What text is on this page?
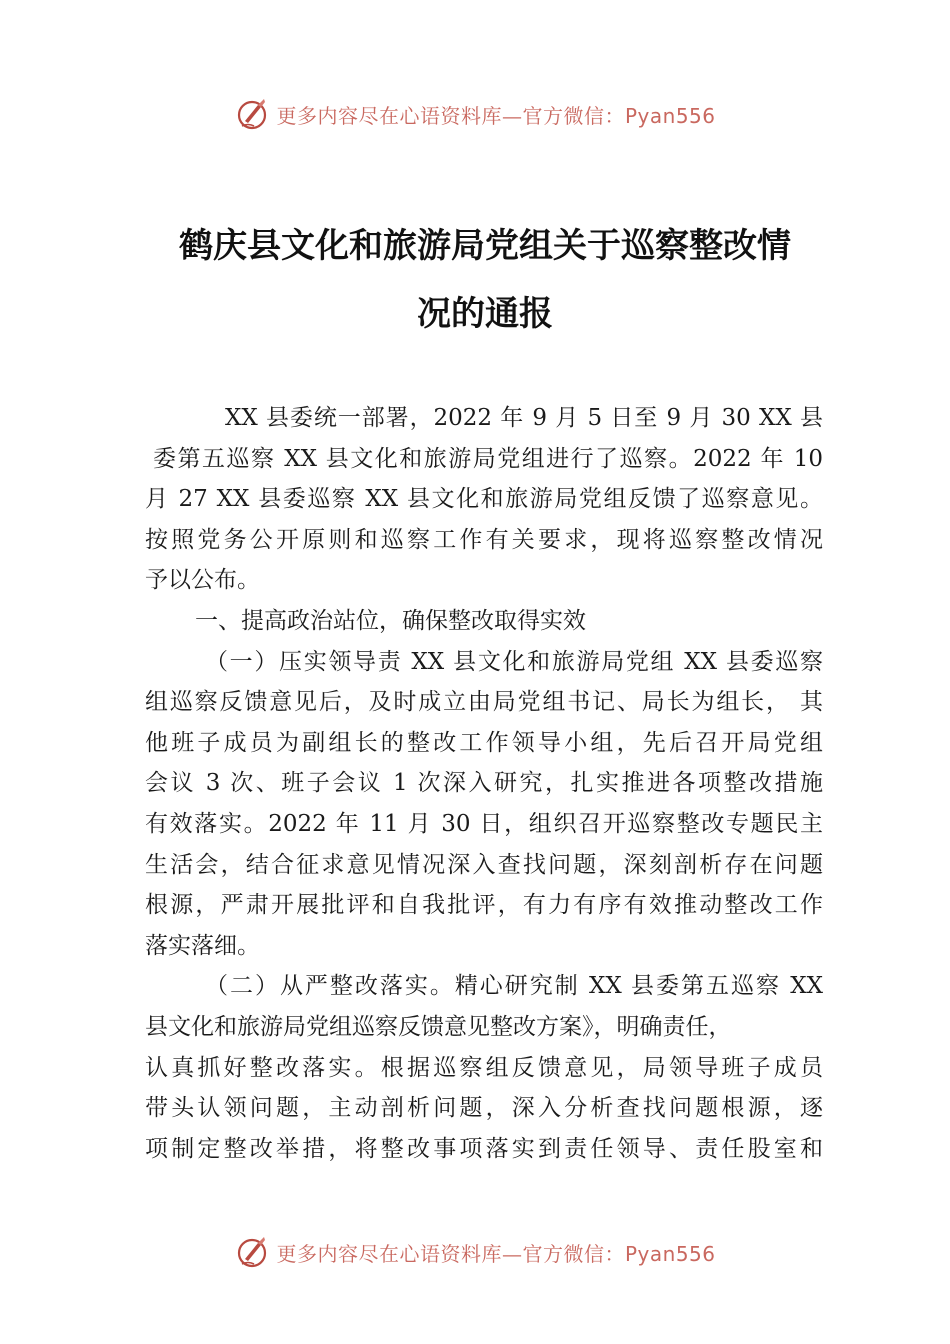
更多内容尽在心语资料库—官方微信：Pyan556
鹤庆县文化和旅游局党组关于巡察整改情
况的通报
XX 县委统一部署，2022 年 9 月 5 日至 9 月 30 XX 县
委第五巡察 XX 县文化和旅游局党组进行了巡察。2022 年 10
月 27 XX 县委巡察 XX 县文化和旅游局党组反馈了巡察意见。
按照党务公开原则和巡察工作有关要求，现将巡察整改情况
予以公布。
一、提高政治站位，确保整改取得实效
（一）压实领导责 XX 县文化和旅游局党组 XX 县委巡察
组巡察反馈意见后，及时成立由局党组书记、局长为组长， 其
他班子成员为副组长的整改工作领导小组，先后召开局党组
会议 3 次、班子会议 1 次深入研究，扎实推进各项整改措施
有效落实。2022 年 11 月 30 日，组织召开巡察整改专题民主
生活会，结合征求意见情况深入查找问题，深刻剖析存在问题
根源，严肃开展批评和自我批评，有力有序有效推动整改工作
落实落细。
（二）从严整改落实。精心研究制 XX 县委第五巡察 XX
县文化和旅游局党组巡察反馈意见整改方案》，明确责任，
认真抓好整改落实。根据巡察组反馈意见，局领导班子成员
带头认领问题，主动剖析问题，深入分析查找问题根源，逐
项制定整改举措，将整改事项落实到责任领导、责任股室和
更多内容尽在心语资料库—官方微信：Pyan556
